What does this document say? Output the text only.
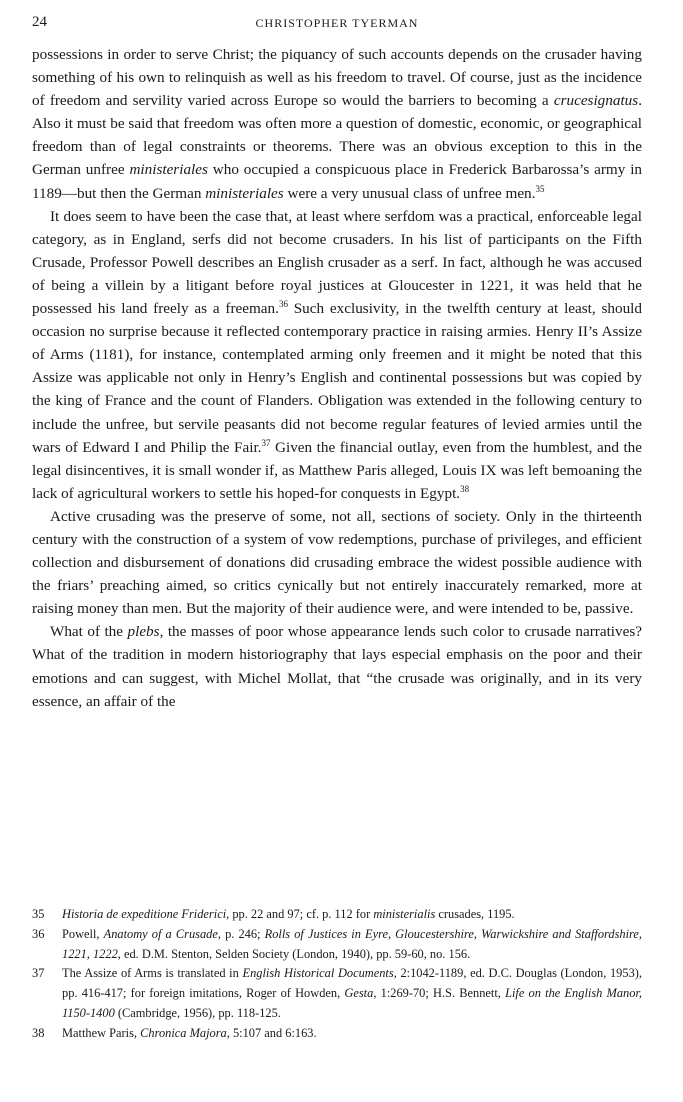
24	CHRISTOPHER TYERMAN

possessions in order to serve Christ; the piquancy of such accounts depends on the crusader having something of his own to relinquish as well as his freedom to travel. Of course, just as the incidence of freedom and servility varied across Europe so would the barriers to becoming a crucesignatus. Also it must be said that freedom was often more a question of domestic, economic, or geographical freedom than of legal constraints or theorems. There was an obvious exception to this in the German unfree ministeriales who occupied a conspicuous place in Frederick Barbarossa’s army in 1189—but then the German ministeriales were a very unusual class of unfree men.$^{35}$

It does seem to have been the case that, at least where serfdom was a practical, enforceable legal category, as in England, serfs did not become crusaders. In his list of participants on the Fifth Crusade, Professor Powell describes an English crusader as a serf. In fact, although he was accused of being a villein by a litigant before royal justices at Gloucester in 1221, it was held that he possessed his land freely as a freeman.$^{36}$ Such exclusivity, in the twelfth century at least, should occasion no surprise because it reflected contemporary practice in raising armies. Henry II’s Assize of Arms (1181), for instance, contemplated arming only freemen and it might be noted that this Assize was applicable not only in Henry’s English and continental possessions but was copied by the king of France and the count of Flanders. Obligation was extended in the following century to include the unfree, but servile peasants did not become regular features of levied armies until the wars of Edward I and Philip the Fair.$^{37}$ Given the financial outlay, even from the humblest, and the legal disincentives, it is small wonder if, as Matthew Paris alleged, Louis IX was left bemoaning the lack of agricultural workers to settle his hoped-for conquests in Egypt.$^{38}$

Active crusading was the preserve of some, not all, sections of society. Only in the thirteenth century with the construction of a system of vow redemptions, purchase of privileges, and efficient collection and disbursement of donations did crusading embrace the widest possible audience with the friars’ preaching aimed, so critics cynically but not entirely inaccurately remarked, more at raising money than men. But the majority of their audience were, and were intended to be, passive.

What of the plebs, the masses of poor whose appearance lends such color to crusade narratives? What of the tradition in modern historiography that lays especial emphasis on the poor and their emotions and can suggest, with Michel Mollat, that “the crusade was originally, and in its very essence, an affair of the

35 Historia de expeditione Friderici, pp. 22 and 97; cf. p. 112 for ministerialis crusades, 1195.
36 Powell, Anatomy of a Crusade, p. 246; Rolls of Justices in Eyre, Gloucestershire, Warwickshire and Staffordshire, 1221, 1222, ed. D.M. Stenton, Selden Society (London, 1940), pp. 59-60, no. 156.
37 The Assize of Arms is translated in English Historical Documents, 2:1042-1189, ed. D.C. Douglas (London, 1953), pp. 416-417; for foreign imitations, Roger of Howden, Gesta, 1:269-70; H.S. Bennett, Life on the English Manor, 1150-1400 (Cambridge, 1956), pp. 118-125.
38 Matthew Paris, Chronica Majora, 5:107 and 6:163.
